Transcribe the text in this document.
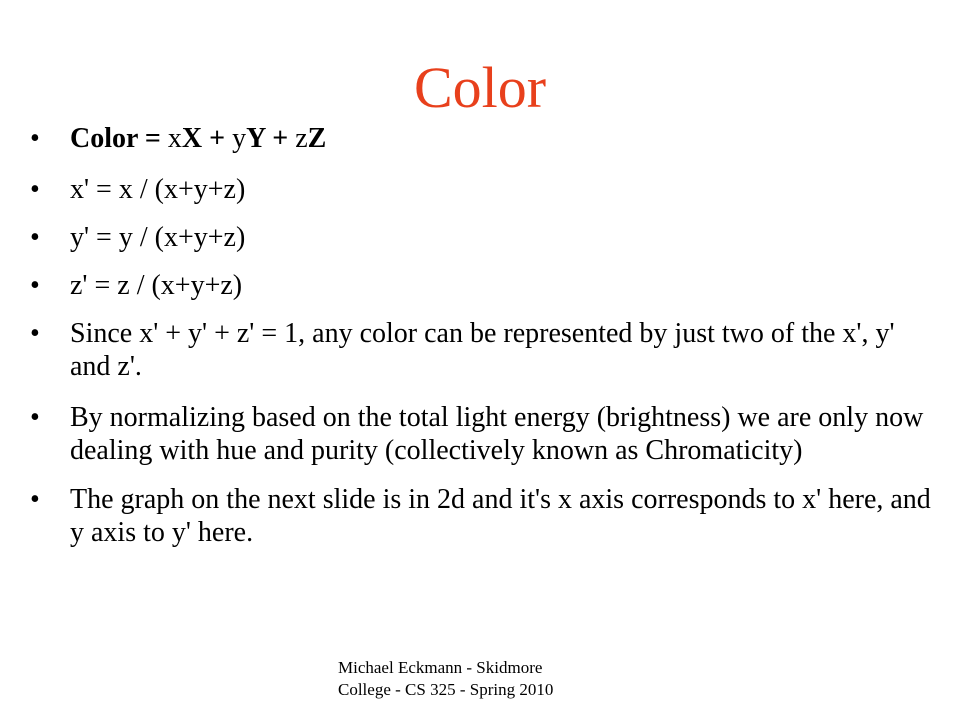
Color
•	Color = xX + yY + zZ
•	x' = x / (x+y+z)
•	y' = y / (x+y+z)
•	z' = z / (x+y+z)
•	Since x' + y' + z' = 1, any color can be represented by just two of the x', y' and z'.
•	By normalizing based on the total light energy (brightness) we are only now dealing with hue and purity (collectively known as Chromaticity)
•	The graph on the next slide is in 2d and it's x axis corresponds to x' here, and y axis to y' here.
Michael Eckmann - Skidmore
College - CS 325 - Spring 2010
